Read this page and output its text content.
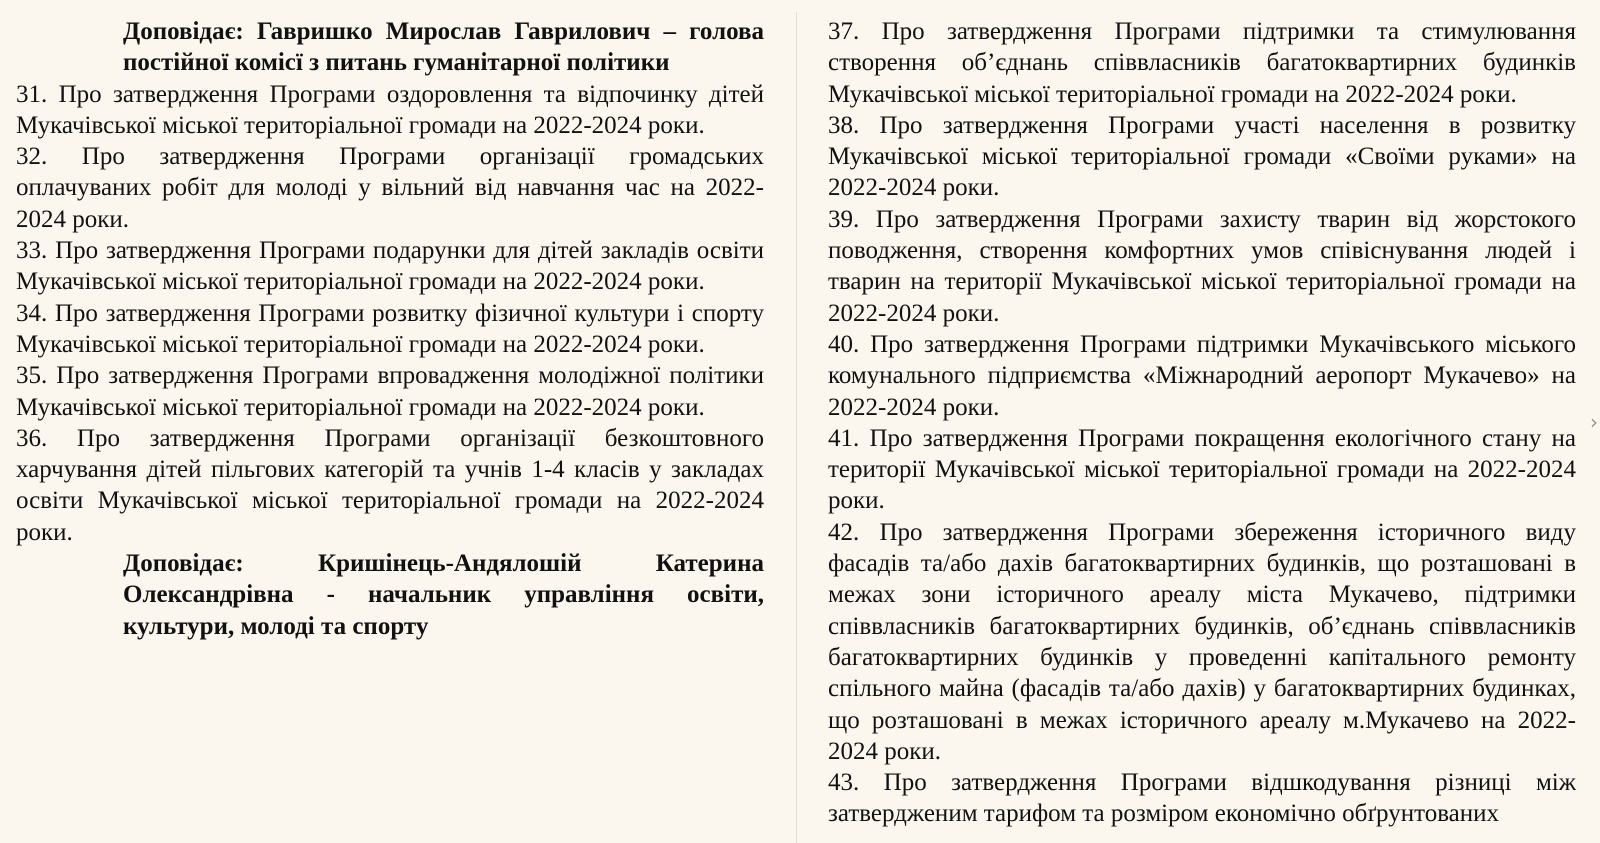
Доповідає: Гавришко Мирослав Гаврилович – голова постійної комісї з питань гуманітарної політики

31. Про затвердження Програми оздоровлення та відпочинку дітей Мукачівської міської територіальної громади на 2022-2024 роки.

32. Про затвердження Програми організації громадських оплачуваних робіт для молоді у вільний від навчання час на 2022-2024 роки.

33. Про затвердження Програми подарунки для дітей закладів освіти Мукачівської міської територіальної громади на 2022-2024 роки.

34. Про затвердження Програми розвитку фізичної культури і спорту Мукачівської міської територіальної громади на 2022-2024 роки.

35. Про затвердження Програми впровадження молодіжної політики Мукачівської міської територіальної громади на 2022-2024 роки.

36. Про затвердження Програми організації безкоштовного харчування дітей пільгових категорій та учнів 1-4 класів у закладах освіти Мукачівської міської територіальної громади на 2022-2024 роки.

Доповідає: Кришінець-Андялошій Катерина Олександрівна - начальник управління освіти, культури, молоді та спорту

37. Про затвердження Програми підтримки та стимулювання створення об’єднань співвласників багатоквартирних будинків Мукачівської міської територіальної громади на 2022-2024 роки.

38. Про затвердження Програми участі населення в розвитку Мукачівської міської територіальної громади «Своїми руками» на 2022-2024 роки.

39. Про затвердження Програми захисту тварин від жорстокого поводження, створення комфортних умов співіснування людей і тварин на території Мукачівської міської територіальної громади на 2022-2024 роки.

40. Про затвердження Програми підтримки Мукачівського міського комунального підприємства «Міжнародний аеропорт Мукачево» на 2022-2024 роки.

41. Про затвердження Програми покращення екологічного стану на території Мукачівської міської територіальної громади на 2022-2024 роки.

42. Про затвердження Програми збереження історичного виду фасадів та/або дахів багатоквартирних будинків, що розташовані в межах зони історичного ареалу міста Мукачево, підтримки співвласників багатоквартирних будинків, об’єднань співвласників багатоквартирних будинків у проведенні капітального ремонту спільного майна (фасадів та/або дахів) у багатоквартирних будинках, що розташовані в межах історичного ареалу м.Мукачево на 2022-2024 роки.

43. Про затвердження Програми відшкодування різниці між затвердженим тарифом та розміром економічно обґрунтованих

›
